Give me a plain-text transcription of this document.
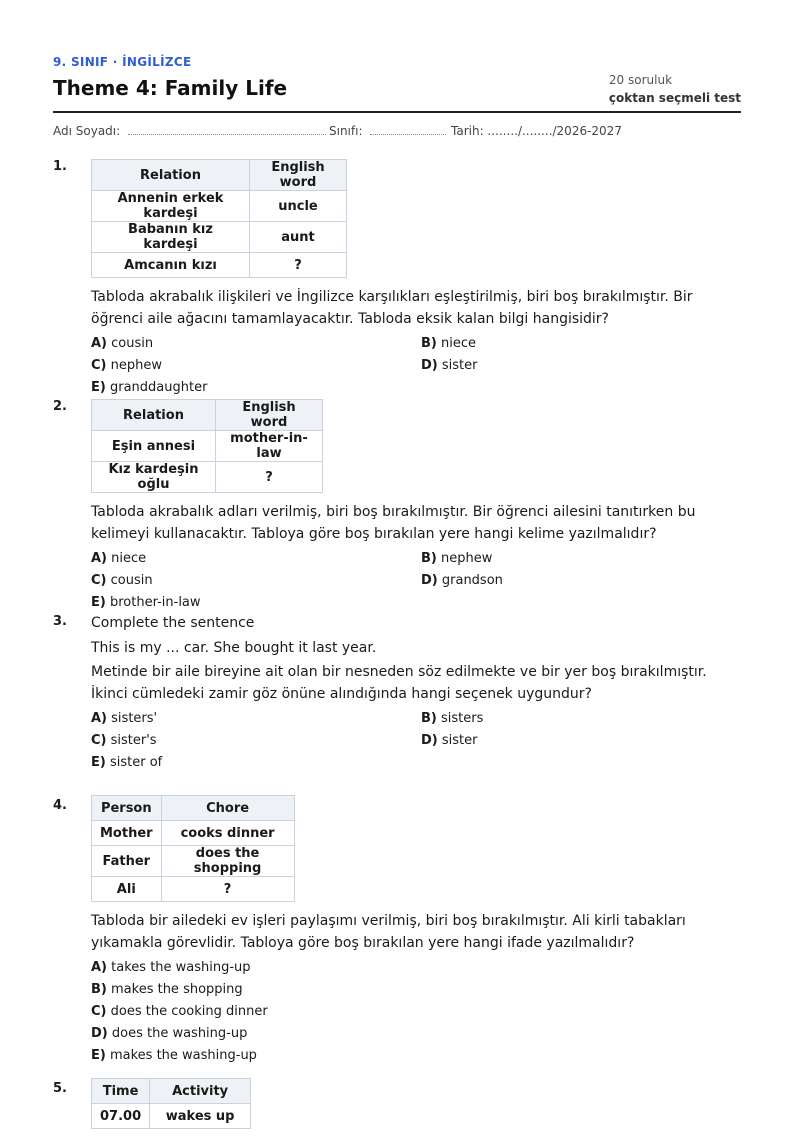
9. SINIF · İNGİLİZCE
Theme 4: Family Life	20 soruluk
çoktan seçmeli test
Adı Soyadı:	Sınıfı:	Tarih: ......../......../2026-2027
1.
Relation	English word
Annenin erkek kardeşi	uncle
Babanın kız kardeşi	aunt
Amcanın kızı	?

Tabloda akrabalık ilişkileri ve İngilizce karşılıkları eşleştirilmiş, biri boş bırakılmıştır. Bir öğrenci aile ağacını tamamlayacaktır. Tabloda eksik kalan bilgi hangisidir?

A) cousin	B) niece
C) nephew	D) sister
E) granddaughter
2.
Relation	English word
Eşin annesi	mother-in-law
Kız kardeşin oğlu	?

Tabloda akrabalık adları verilmiş, biri boş bırakılmıştır. Bir öğrenci ailesini tanıtırken bu kelimeyi kullanacaktır. Tabloya göre boş bırakılan yere hangi kelime yazılmalıdır?

A) niece	B) nephew
C) cousin	D) grandson
E) brother-in-law
3. Complete the sentence

This is my ... car. She bought it last year.

Metinde bir aile bireyine ait olan bir nesneden söz edilmekte ve bir yer boş bırakılmıştır. İkinci cümledeki zamir göz önüne alındığında hangi seçenek uygundur?

A) sisters'	B) sisters
C) sister's	D) sister
E) sister of
4.	Person	Chore
Mother	cooks dinner
Father	does the shopping
Ali	?

Tabloda bir ailedeki ev işleri paylaşımı verilmiş, biri boş bırakılmıştır. Ali kirli tabakları yıkamakla görevlidir. Tabloya göre boş bırakılan yere hangi ifade yazılmalıdır?

A) takes the washing-up
B) makes the shopping
C) does the cooking dinner
D) does the washing-up
E) makes the washing-up
5.	Time	Activity
07.00	wakes up
